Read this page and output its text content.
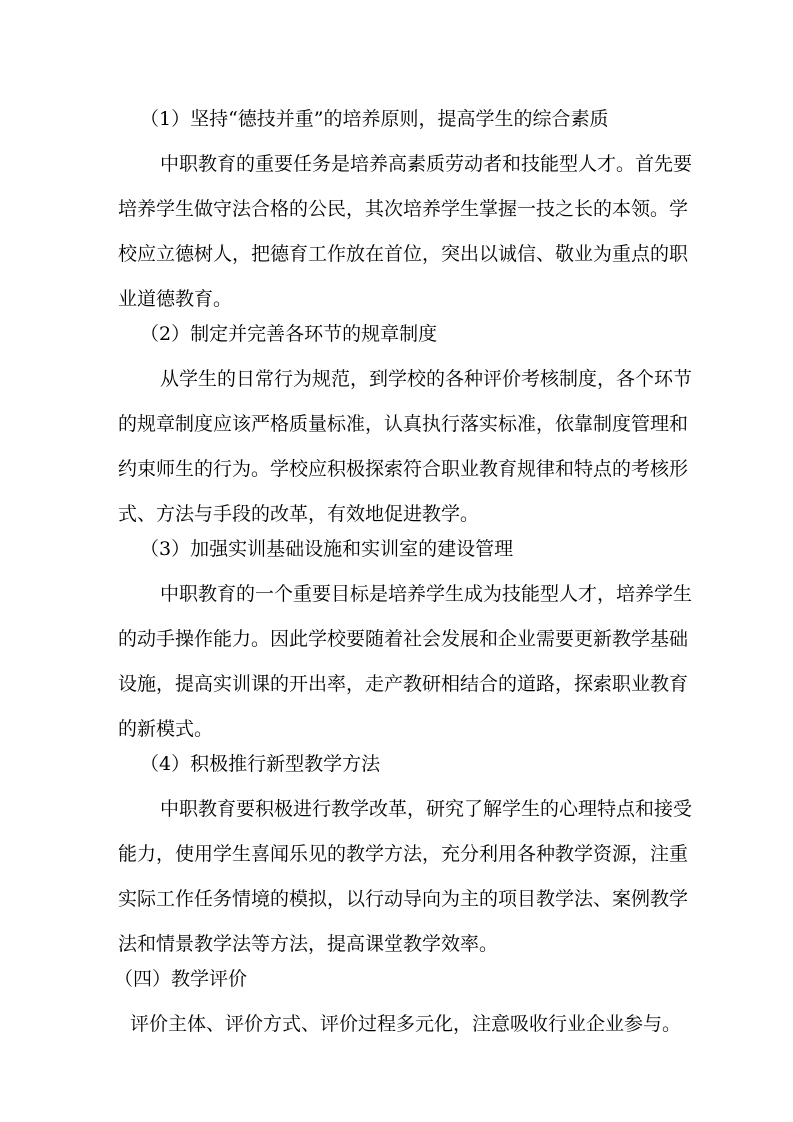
（1）坚持“德技并重”的培养原则，提高学生的综合素质
中职教育的重要任务是培养高素质劳动者和技能型人才。首先要
培养学生做守法合格的公民，其次培养学生掌握一技之长的本领。学
校应立德树人，把德育工作放在首位，突出以诚信、敬业为重点的职
业道德教育。
（2）制定并完善各环节的规章制度
从学生的日常行为规范，到学校的各种评价考核制度，各个环节
的规章制度应该严格质量标准，认真执行落实标准，依靠制度管理和
约束师生的行为。学校应积极探索符合职业教育规律和特点的考核形
式、方法与手段的改革，有效地促进教学。
（3）加强实训基础设施和实训室的建设管理
中职教育的一个重要目标是培养学生成为技能型人才，培养学生
的动手操作能力。因此学校要随着社会发展和企业需要更新教学基础
设施，提高实训课的开出率，走产教研相结合的道路，探索职业教育
的新模式。
（4）积极推行新型教学方法
中职教育要积极进行教学改革，研究了解学生的心理特点和接受
能力，使用学生喜闻乐见的教学方法，充分利用各种教学资源，注重
实际工作任务情境的模拟，以行动导向为主的项目教学法、案例教学
法和情景教学法等方法，提高课堂教学效率。
（四）教学评价
评价主体、评价方式、评价过程多元化，注意吸收行业企业参与。
